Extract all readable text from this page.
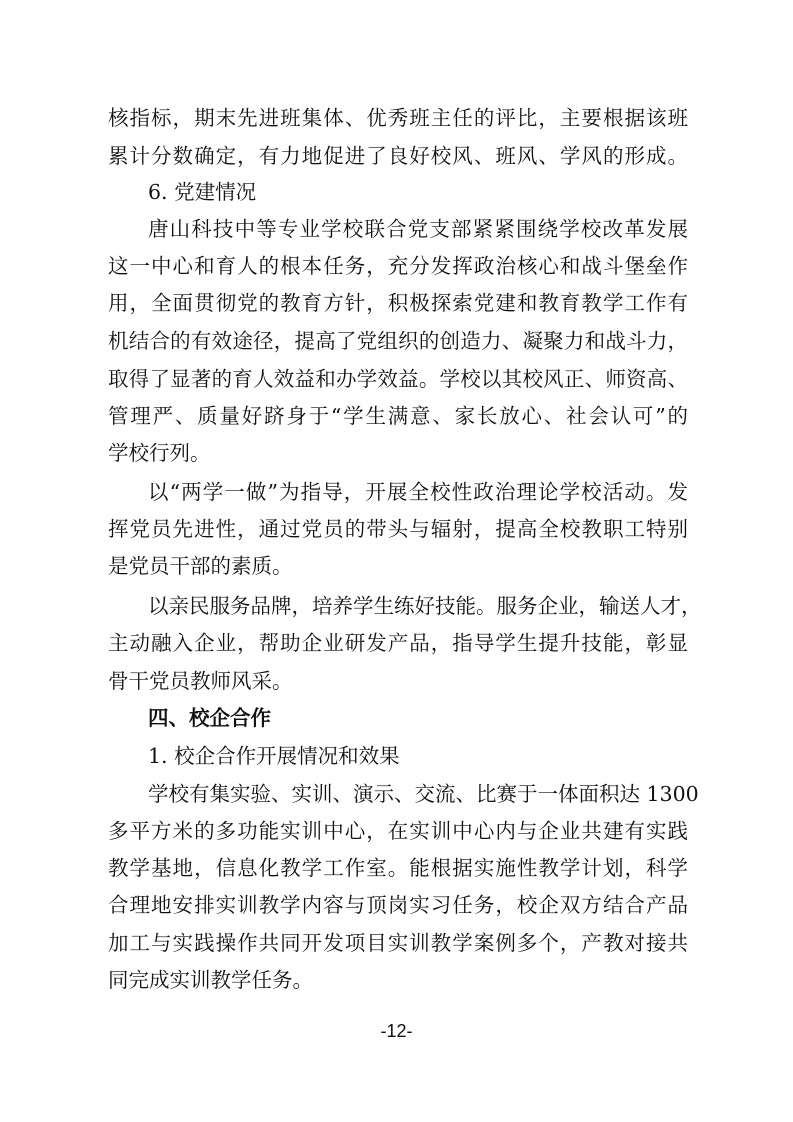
核指标，期末先进班集体、优秀班主任的评比，主要根据该班
累计分数确定，有力地促进了良好校风、班风、学风的形成。
6. 党建情况
唐山科技中等专业学校联合党支部紧紧围绕学校改革发展
这一中心和育人的根本任务，充分发挥政治核心和战斗堡垒作
用，全面贯彻党的教育方针，积极探索党建和教育教学工作有
机结合的有效途径，提高了党组织的创造力、凝聚力和战斗力，
取得了显著的育人效益和办学效益。学校以其校风正、师资高、
管理严、质量好跻身于“学生满意、家长放心、社会认可”的
学校行列。
以“两学一做”为指导，开展全校性政治理论学校活动。发
挥党员先进性，通过党员的带头与辐射，提高全校教职工特别
是党员干部的素质。
以亲民服务品牌，培养学生练好技能。服务企业，输送人才，
主动融入企业，帮助企业研发产品，指导学生提升技能，彰显
骨干党员教师风采。
四、校企合作
1. 校企合作开展情况和效果
学校有集实验、实训、演示、交流、比赛于一体面积达 1300
多平方米的多功能实训中心，在实训中心内与企业共建有实践
教学基地，信息化教学工作室。能根据实施性教学计划，科学
合理地安排实训教学内容与顶岗实习任务，校企双方结合产品
加工与实践操作共同开发项目实训教学案例多个，产教对接共
同完成实训教学任务。
-12-
